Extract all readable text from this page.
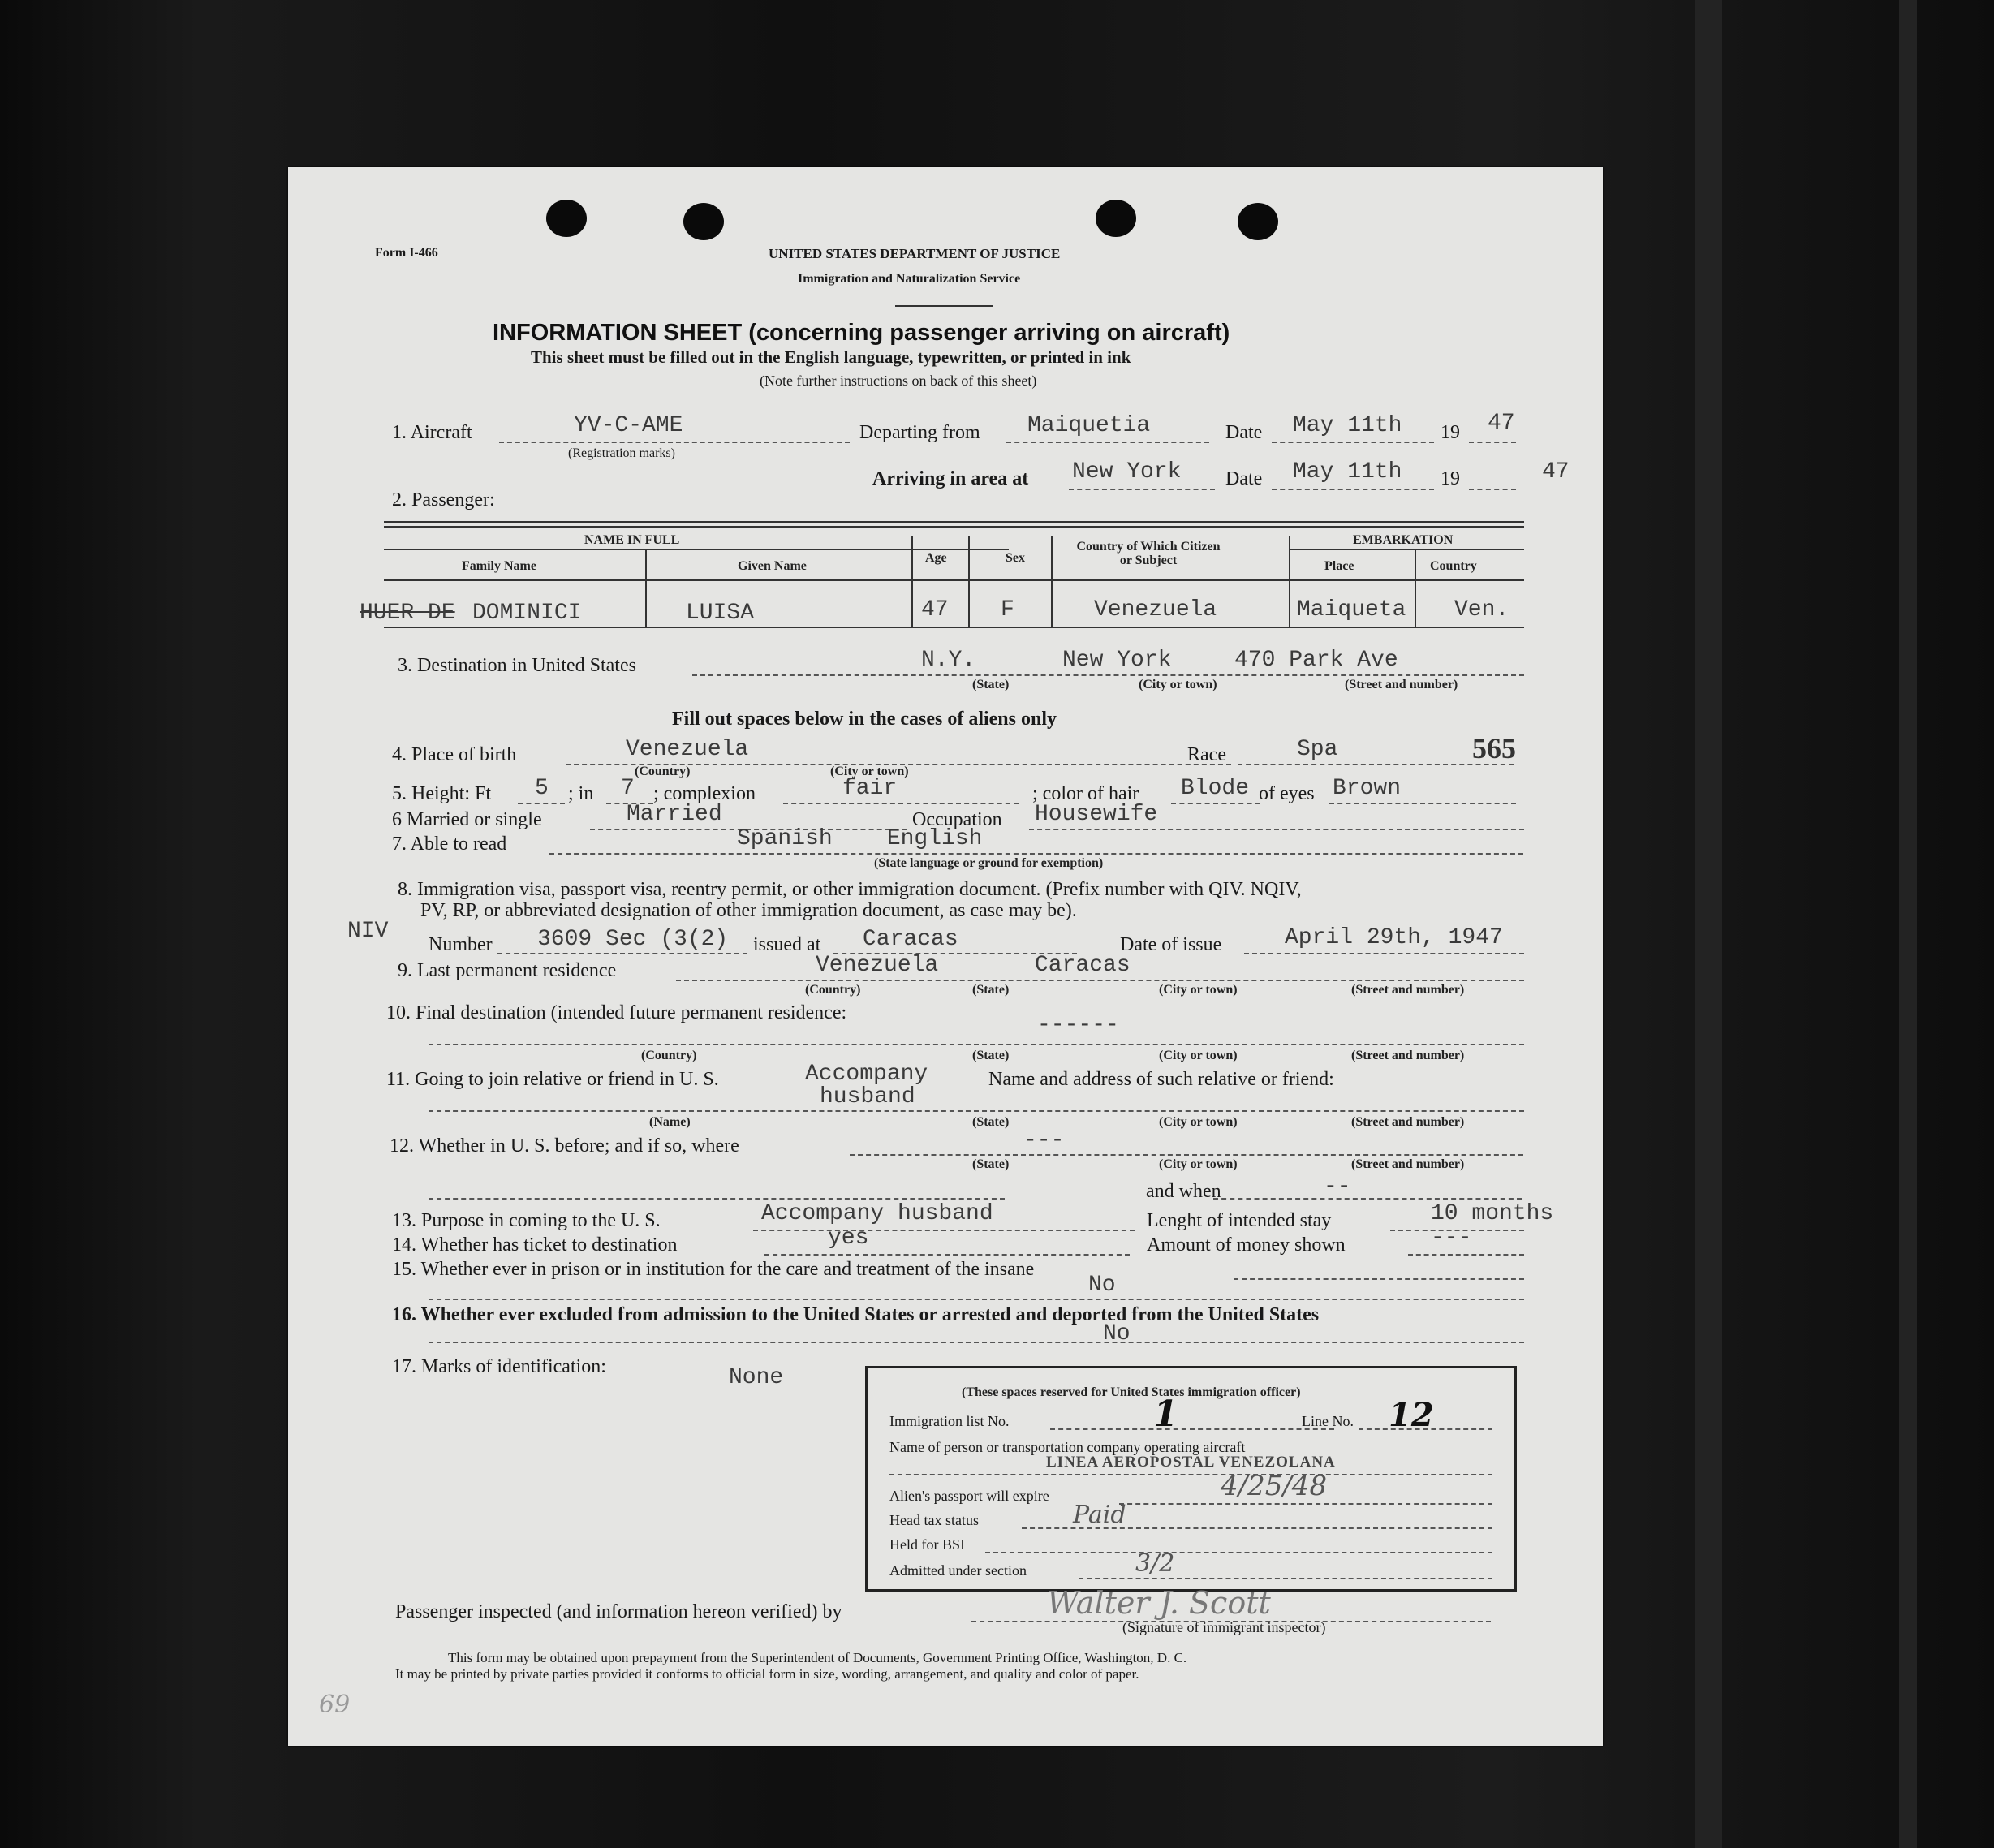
Form I-466	UNITED STATES DEPARTMENT OF JUSTICE
Immigration and Naturalization Service
INFORMATION SHEET (concerning passenger arriving on aircraft)
This sheet must be filled out in the English language, typewritten, or printed in ink
(Note further instructions on back of this sheet)
1. Aircraft	YV-C-AME
(Registration marks)
Departing from Maiquetia	Date May 11th 19 47
2. Passenger:
Arriving in area at New York Date May 11th 19	47
NAME IN FULL
Family Name	Given Name
Age	Sex
Country of Which Citizen or Subject
EMBARKATION
Place	Country
HUER DE DOMINICI	LUISA	47 F	Venezuela	Maiqueta Ven.
3. Destination in United States	N.Y.	New York	470 Park Ave
(State)	(City or town)	(Street and number)
Fill out spaces below in the cases of aliens only
4. Place of birth	Venezuela	Race	Spa	565
(Country)	(City or town)
5. Height: Ft 5 ; in 7 ; complexion	fair	; color of hair Blode of eyes Brown
6 Married or single	Married	Occupation Housewife
7. Able to read	Spanish    English
(State language or ground for exemption)
8. Immigration visa, passport visa, reentry permit, or other immigration document. (Prefix number with QIV. NQIV,
PV, RP, or abbreviated designation of other immigration document, as case may be).
NIV
Number 3609 Sec (3(2) issued at Caracas	Date of issue	April 29th, 1947
9. Last permanent residence	Venezuela	Caracas
(Country)	(State)	(City or town)	(Street and number)
10. Final destination (intended future permanent residence:	------
(Country)	(State)	(City or town)	(Street and number)
11. Going to join relative or friend in U. S.	Accompany
husband
Name and address of such relative or friend:
(Name)	(State)	(City or town)	(Street and number)
12. Whether in U. S. before; and if so, where	---
(State)	(City or town)	(Street and number)
and when	--
13. Purpose in coming to the U. S.	Accompany husband	Lenght of intended stay	10 months
14. Whether has ticket to destination	yes	Amount of money shown	---
15. Whether ever in prison or in institution for the care and treatment of the insane
No
16. Whether ever excluded from admission to the United States or arrested and deported from the United States
No
17. Marks of identification:	None
(These spaces reserved for United States immigration officer)
Immigration list No.	1	Line No. 12
Name of person or transportation company operating aircraft
LINEA AEROPOSTAL VENEZOLANA
Alien's passport will expire	4/25/48
Head tax status	Paid
Held for BSI
Admitted under section	3/2
Passenger inspected (and information hereon verified) by	Walter J. Scott
(Signature of immigrant inspector)
This form may be obtained upon prepayment from the Superintendent of Documents, Government Printing Office, Washington, D. C.
It may be printed by private parties provided it conforms to official form in size, wording, arrangement, and quality and color of paper.
69
